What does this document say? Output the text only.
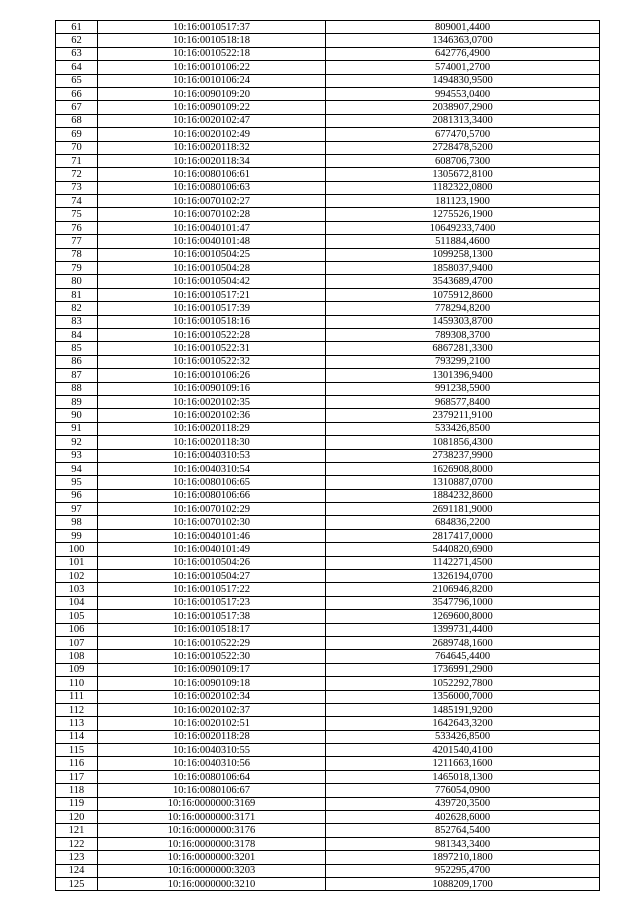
61	10:16:0010517:37	809001,4400
62	10:16:0010518:18	1346363,0700
63	10:16:0010522:18	642776,4900
64	10:16:0010106:22	574001,2700
65	10:16:0010106:24	1494830,9500
66	10:16:0090109:20	994553,0400
67	10:16:0090109:22	2038907,2900
68	10:16:0020102:47	2081313,3400
69	10:16:0020102:49	677470,5700
70	10:16:0020118:32	2728478,5200
71	10:16:0020118:34	608706,7300
72	10:16:0080106:61	1305672,8100
73	10:16:0080106:63	1182322,0800
74	10:16:0070102:27	181123,1900
75	10:16:0070102:28	1275526,1900
76	10:16:0040101:47	10649233,7400
77	10:16:0040101:48	511884,4600
78	10:16:0010504:25	1099258,1300
79	10:16:0010504:28	1858037,9400
80	10:16:0010504:42	3543689,4700
81	10:16:0010517:21	1075912,8600
82	10:16:0010517:39	778294,8200
83	10:16:0010518:16	1459303,8700
84	10:16:0010522:28	789308,3700
85	10:16:0010522:31	6867281,3300
86	10:16:0010522:32	793299,2100
87	10:16:0010106:26	1301396,9400
88	10:16:0090109:16	991238,5900
89	10:16:0020102:35	968577,8400
90	10:16:0020102:36	2379211,9100
91	10:16:0020118:29	533426,8500
92	10:16:0020118:30	1081856,4300
93	10:16:0040310:53	2738237,9900
94	10:16:0040310:54	1626908,8000
95	10:16:0080106:65	1310887,0700
96	10:16:0080106:66	1884232,8600
97	10:16:0070102:29	2691181,9000
98	10:16:0070102:30	684836,2200
99	10:16:0040101:46	2817417,0000
100	10:16:0040101:49	5440820,6900
101	10:16:0010504:26	1142271,4500
102	10:16:0010504:27	1326194,0700
103	10:16:0010517:22	2106946,8200
104	10:16:0010517:23	3547796,1000
105	10:16:0010517:38	1269600,8000
106	10:16:0010518:17	1399731,4400
107	10:16:0010522:29	2689748,1600
108	10:16:0010522:30	764645,4400
109	10:16:0090109:17	1736991,2900
110	10:16:0090109:18	1052292,7800
111	10:16:0020102:34	1356000,7000
112	10:16:0020102:37	1485191,9200
113	10:16:0020102:51	1642643,3200
114	10:16:0020118:28	533426,8500
115	10:16:0040310:55	4201540,4100
116	10:16:0040310:56	1211663,1600
117	10:16:0080106:64	1465018,1300
118	10:16:0080106:67	776054,0900
119	10:16:0000000:3169	439720,3500
120	10:16:0000000:3171	402628,6000
121	10:16:0000000:3176	852764,5400
122	10:16:0000000:3178	981343,3400
123	10:16:0000000:3201	1897210,1800
124	10:16:0000000:3203	952295,4700
125	10:16:0000000:3210	1088209,1700
